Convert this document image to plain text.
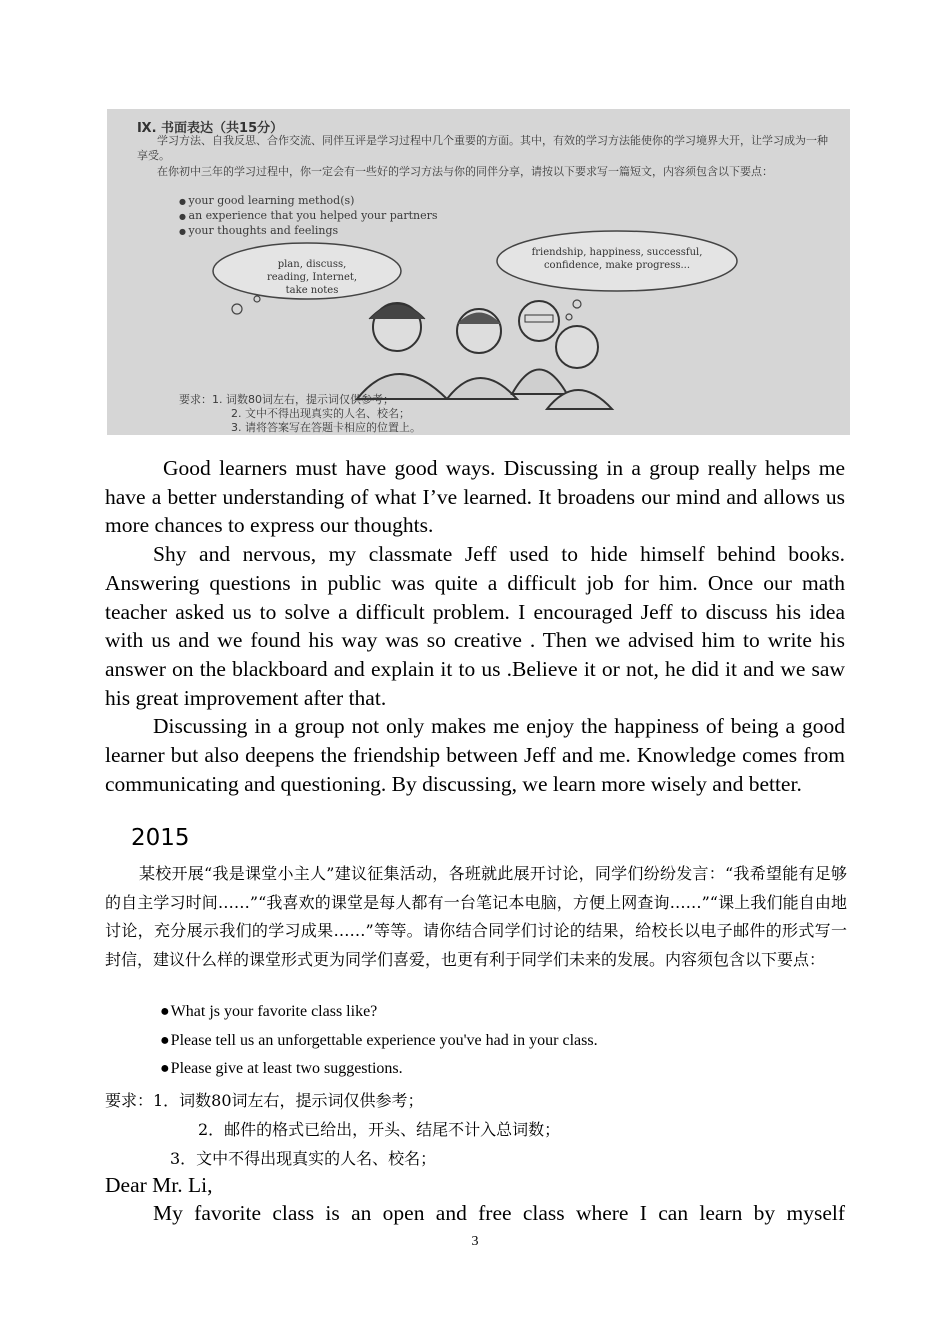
Ⅸ. 书面表达（共15分）
学习方法、自我反思、合作交流、同伴互评是学习过程中几个重要的方面。其中，有效的学习方法能使你的学习境界大开，让学习成为一种享受。
在你初中三年的学习过程中，你一定会有一些好的学习方法与你的同伴分享，请按以下要求写一篇短文，内容须包含以下要点：
● your good learning method(s)
● an experience that you helped your partners
● your thoughts and feelings
plan, discuss, reading, Internet, take notes
friendship, happiness, successful, confidence, make progress...
要求：1. 词数80词左右，提示词仅供参考；
2. 文中不得出现真实的人名、校名；
3. 请将答案写在答题卡相应的位置上。

Good learners must have good ways. Discussing in a group really helps me have a better understanding of what I’ve learned. It broadens our mind and allows us more chances to express our thoughts.

Shy and nervous, my classmate Jeff used to hide himself behind books. Answering questions in public was quite a difficult job for him. Once our math teacher asked us to solve a difficult problem. I encouraged Jeff to discuss his idea with us and we found his way was so creative . Then we advised him to write his answer on the blackboard and explain it to us .Believe it or not, he did it and we saw his great improvement after that.

Discussing in a group not only makes me enjoy the happiness of being a good learner but also deepens the friendship between Jeff and me. Knowledge comes from communicating and questioning. By discussing, we learn more wisely and better.

2015

某校开展“我是课堂小主人”建议征集活动，各班就此展开讨论，同学们纷纷发言：“我希望能有足够的自主学习时间……”“我喜欢的课堂是每人都有一台笔记本电脑，方便上网查询……”“课上我们能自由地讨论，充分展示我们的学习成果……”等等。请你结合同学们讨论的结果，给校长以电子邮件的形式写一封信，建议什么样的课堂形式更为同学们喜爱，也更有利于同学们未来的发展。内容须包含以下要点：

● What js your favorite class like?
● Please tell us an unforgettable experience you've had in your class.
● Please give at least two suggestions.
要求：1．词数80词左右，提示词仅供参考；
2．邮件的格式已给出，开头、结尾不计入总词数；
3．文中不得出现真实的人名、校名；
Dear Mr. Li,
My favorite class is an open and free class where I can learn by myself
3
